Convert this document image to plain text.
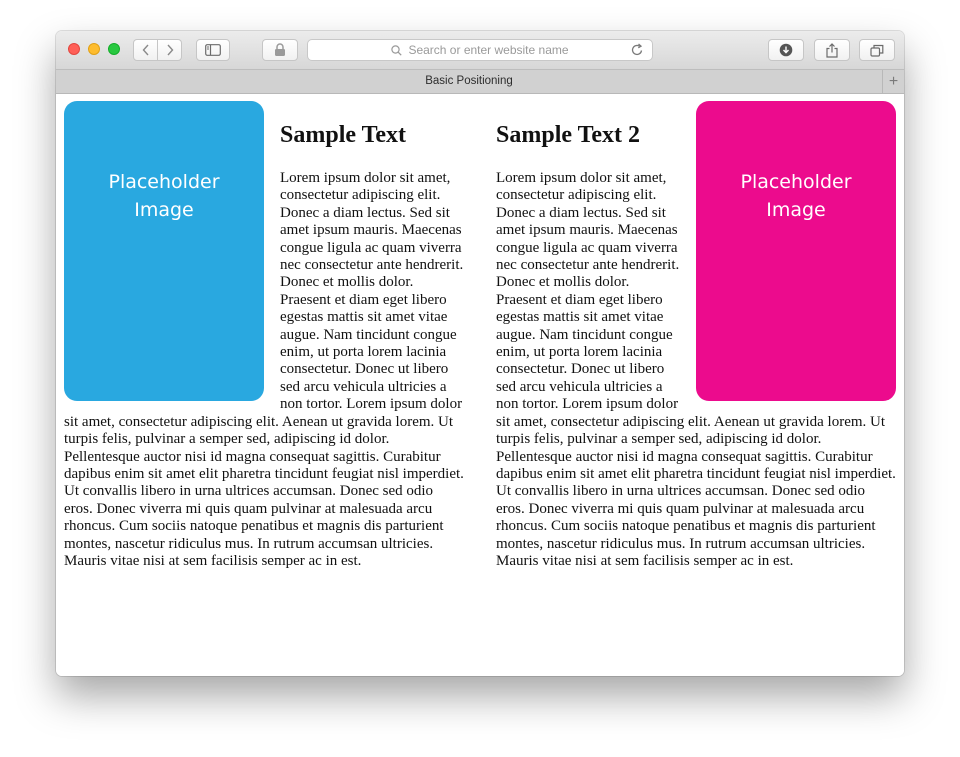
Search or enter website name
Basic Positioning	+
Placeholder Image
Sample Text

Lorem ipsum dolor sit amet, consectetur adipiscing elit. Donec a diam lectus. Sed sit amet ipsum mauris. Maecenas congue ligula ac quam viverra nec consectetur ante hendrerit. Donec et mollis dolor. Praesent et diam eget libero egestas mattis sit amet vitae augue. Nam tincidunt congue enim, ut porta lorem lacinia consectetur. Donec ut libero sed arcu vehicula ultricies a non tortor. Lorem ipsum dolor sit amet, consectetur adipiscing elit. Aenean ut gravida lorem. Ut turpis felis, pulvinar a semper sed, adipiscing id dolor. Pellentesque auctor nisi id magna consequat sagittis. Curabitur dapibus enim sit amet elit pharetra tincidunt feugiat nisl imperdiet. Ut convallis libero in urna ultrices accumsan. Donec sed odio eros. Donec viverra mi quis quam pulvinar at malesuada arcu rhoncus. Cum sociis natoque penatibus et magnis dis parturient montes, nascetur ridiculus mus. In rutrum accumsan ultricies. Mauris vitae nisi at sem facilisis semper ac in est.

Placeholder Image
Sample Text 2

Lorem ipsum dolor sit amet, consectetur adipiscing elit. Donec a diam lectus. Sed sit amet ipsum mauris. Maecenas congue ligula ac quam viverra nec consectetur ante hendrerit. Donec et mollis dolor. Praesent et diam eget libero egestas mattis sit amet vitae augue. Nam tincidunt congue enim, ut porta lorem lacinia consectetur. Donec ut libero sed arcu vehicula ultricies a non tortor. Lorem ipsum dolor sit amet, consectetur adipiscing elit. Aenean ut gravida lorem. Ut turpis felis, pulvinar a semper sed, adipiscing id dolor. Pellentesque auctor nisi id magna consequat sagittis. Curabitur dapibus enim sit amet elit pharetra tincidunt feugiat nisl imperdiet. Ut convallis libero in urna ultrices accumsan. Donec sed odio eros. Donec viverra mi quis quam pulvinar at malesuada arcu rhoncus. Cum sociis natoque penatibus et magnis dis parturient montes, nascetur ridiculus mus. In rutrum accumsan ultricies. Mauris vitae nisi at sem facilisis semper ac in est.
